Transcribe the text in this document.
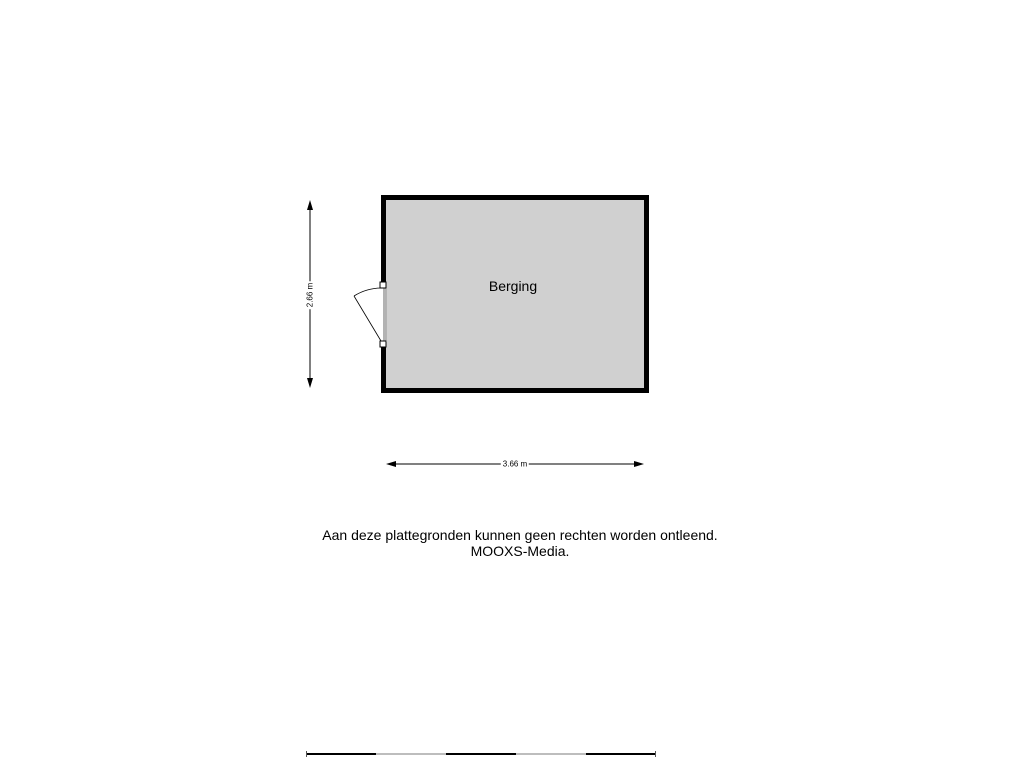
Berging
2.66 m
3.66 m
Aan deze plattegronden kunnen geen rechten worden ontleend.
MOOXS-Media.
